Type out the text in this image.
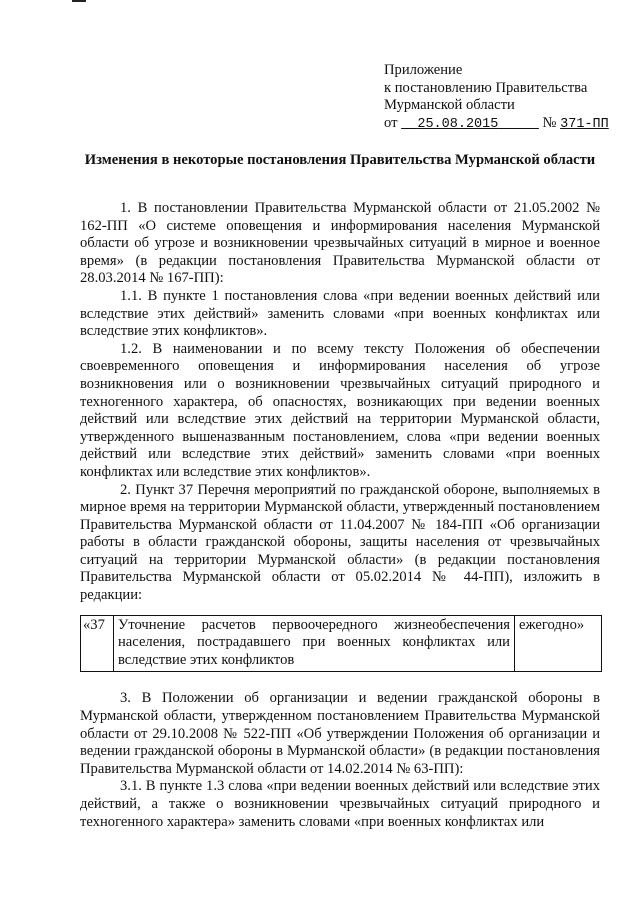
Приложение
к постановлению Правительства
Мурманской области
от 25.08.2015	№ 371-ПП
Изменения в некоторые постановления Правительства Мурманской области

1. В постановлении Правительства Мурманской области от 21.05.2002 № 162-ПП «О системе оповещения и информирования населения Мурманской области об угрозе и возникновении чрезвычайных ситуаций в мирное и военное время» (в редакции постановления Правительства Мурманской области от 28.03.2014 № 167-ПП):

1.1. В пункте 1 постановления слова «при ведении военных действий или вследствие этих действий» заменить словами «при военных конфликтах или вследствие этих конфликтов».

1.2. В наименовании и по всему тексту Положения об обеспечении своевременного оповещения и информирования населения об угрозе возникновения или о возникновении чрезвычайных ситуаций природного и техногенного характера, об опасностях, возникающих при ведении военных действий или вследствие этих действий на территории Мурманской области, утвержденного вышеназванным постановлением, слова «при ведении военных действий или вследствие этих действий» заменить словами «при военных конфликтах или вследствие этих конфликтов».

2. Пункт 37 Перечня мероприятий по гражданской обороне, выполняемых в мирное время на территории Мурманской области, утвержденный постановлением Правительства Мурманской области от 11.04.2007 № 184-ПП «Об организации работы в области гражданской обороны, защиты населения от чрезвычайных ситуаций на территории Мурманской области» (в редакции постановления Правительства Мурманской области от 05.02.2014 № 44-ПП), изложить в редакции:

«37	Уточнение расчетов первоочередного жизнеобеспечения населения, пострадавшего при военных конфликтах или вследствие этих конфликтов	ежегодно»

3. В Положении об организации и ведении гражданской обороны в Мурманской области, утвержденном постановлением Правительства Мурманской области от 29.10.2008 № 522-ПП «Об утверждении Положения об организации и ведении гражданской обороны в Мурманской области» (в редакции постановления Правительства Мурманской области от 14.02.2014 № 63-ПП):

3.1. В пункте 1.3 слова «при ведении военных действий или вследствие этих действий, а также о возникновении чрезвычайных ситуаций природного и техногенного характера» заменить словами «при военных конфликтах или
